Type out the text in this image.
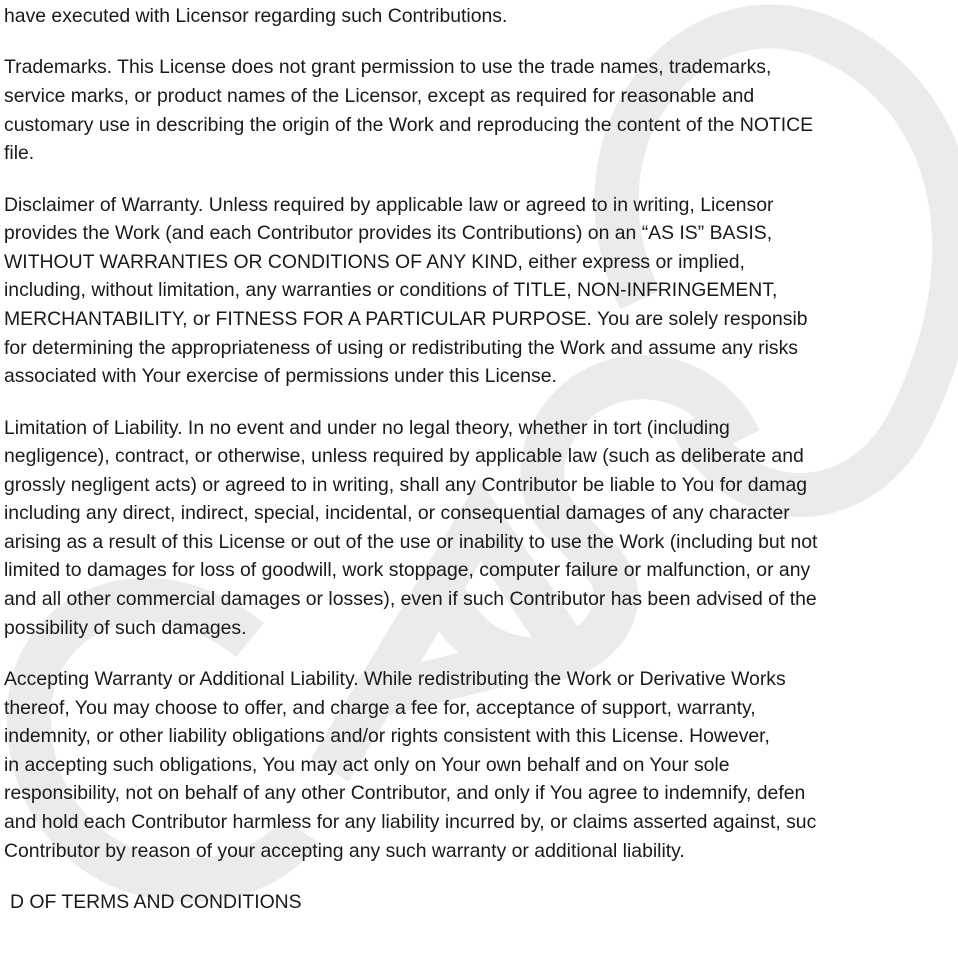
have executed with Licensor regarding such Contributions.
Trademarks. This License does not grant permission to use the trade names, trademarks,
service marks, or product names of the Licensor, except as required for reasonable and
customary use in describing the origin of the Work and reproducing the content of the NOTICE
file.
Disclaimer of Warranty. Unless required by applicable law or agreed to in writing, Licensor
provides the Work (and each Contributor provides its Contributions) on an “AS IS” BASIS,
WITHOUT WARRANTIES OR CONDITIONS OF ANY KIND, either express or implied,
including, without limitation, any warranties or conditions of TITLE, NON-INFRINGEMENT,
MERCHANTABILITY, or FITNESS FOR A PARTICULAR PURPOSE. You are solely responsib
for determining the appropriateness of using or redistributing the Work and assume any risks
associated with Your exercise of permissions under this License.
Limitation of Liability. In no event and under no legal theory, whether in tort (including
negligence), contract, or otherwise, unless required by applicable law (such as deliberate and
grossly negligent acts) or agreed to in writing, shall any Contributor be liable to You for damag
including any direct, indirect, special, incidental, or consequential damages of any character
arising as a result of this License or out of the use or inability to use the Work (including but not
limited to damages for loss of goodwill, work stoppage, computer failure or malfunction, or any
and all other commercial damages or losses), even if such Contributor has been advised of the
possibility of such damages.
Accepting Warranty or Additional Liability. While redistributing the Work or Derivative Works
thereof, You may choose to offer, and charge a fee for, acceptance of support, warranty,
indemnity, or other liability obligations and/or rights consistent with this License. However,
in accepting such obligations, You may act only on Your own behalf and on Your sole
responsibility, not on behalf of any other Contributor, and only if You agree to indemnify, defen
and hold each Contributor harmless for any liability incurred by, or claims asserted against, suc
Contributor by reason of your accepting any such warranty or additional liability.
D OF TERMS AND CONDITIONS
